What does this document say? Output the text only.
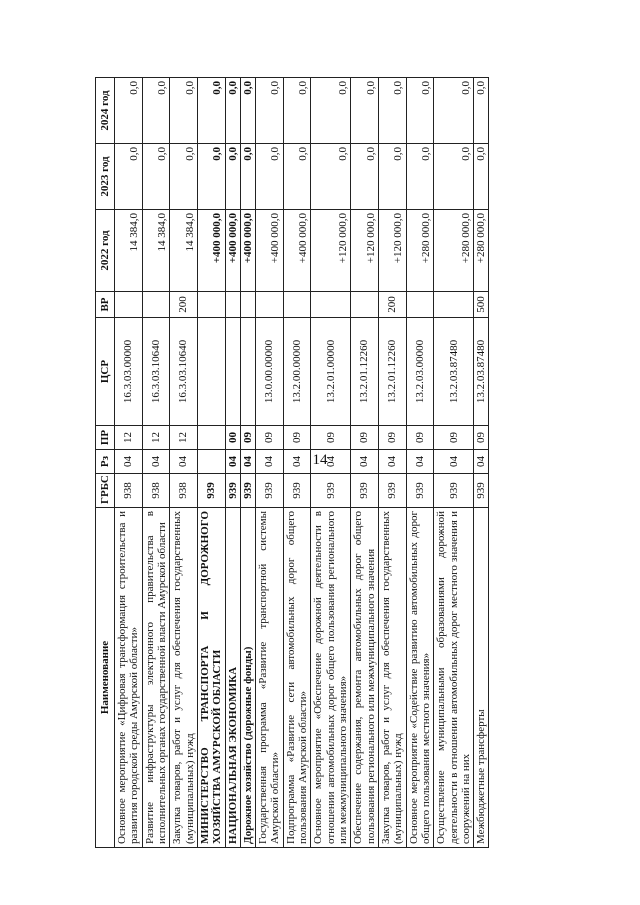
14
Наименование	ГРБС	Рз	ПР	ЦСР	ВР	2022 год	2023 год	2024 год
Основное мероприятие «Цифровая трансформация строительства и развития городской среды Амурской области»	938	04	12	16.3.03.00000		14 384,0	0,0	0,0
Развитие инфраструктуры электронного правительства в исполнительных органах государственной власти Амурской области	938	04	12	16.3.03.10640		14 384,0	0,0	0,0
Закупка товаров, работ и услуг для обеспечения государственных (муниципальных) нужд	938	04	12	16.3.03.10640	200	14 384,0	0,0	0,0
МИНИСТЕРСТВО ТРАНСПОРТА И ДОРОЖНОГО ХОЗЯЙСТВА АМУРСКОЙ ОБЛАСТИ	939					+400 000,0	0,0	0,0
НАЦИОНАЛЬНАЯ ЭКОНОМИКА	939	04	00			+400 000,0	0,0	0,0
Дорожное хозяйство (дорожные фонды)	939	04	09			+400 000,0	0,0	0,0
Государственная программа «Развитие транспортной системы Амурской области»	939	04	09	13.0.00.00000		+400 000,0	0,0	0,0
Подпрограмма «Развитие сети автомобильных дорог общего пользования Амурской области»	939	04	09	13.2.00.00000		+400 000,0	0,0	0,0
Основное мероприятие «Обеспечение дорожной деятельности в отношении автомобильных дорог общего пользования регионального или межмуниципального значения»	939	04	09	13.2.01.00000		+120 000,0	0,0	0,0
Обеспечение содержания, ремонта автомобильных дорог общего пользования регионального или межмуниципального значения	939	04	09	13.2.01.12260		+120 000,0	0,0	0,0
Закупка товаров, работ и услуг для обеспечения государственных (муниципальных) нужд	939	04	09	13.2.01.12260	200	+120 000,0	0,0	0,0
Основное мероприятие «Содействие развитию автомобильных дорог общего пользования местного значения»	939	04	09	13.2.03.00000		+280 000,0	0,0	0,0
Осуществление муниципальными образованиями дорожной деятельности в отношении автомобильных дорог местного значения и сооружений на них	939	04	09	13.2.03.87480		+280 000,0	0,0	0,0
Межбюджетные трансферты	939	04	09	13.2.03.87480	500	+280 000,0	0,0	0,0
